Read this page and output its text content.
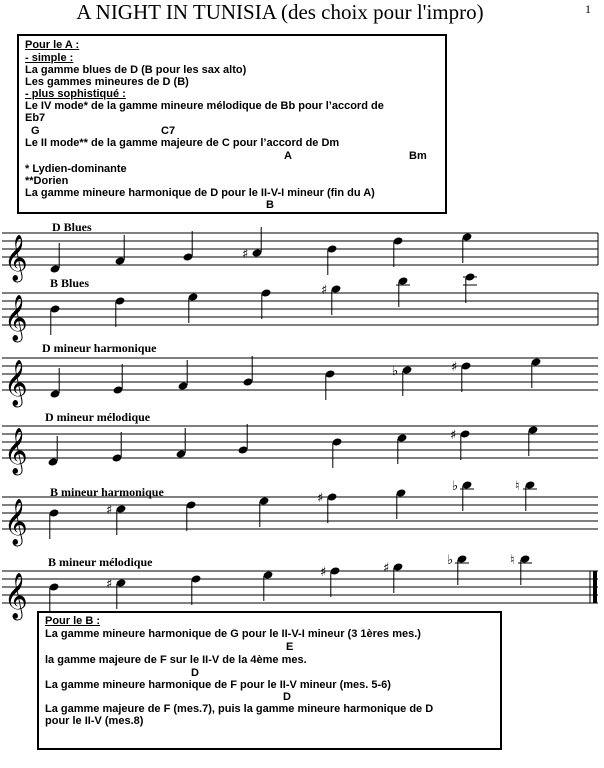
A NIGHT IN TUNISIA (des choix pour l'impro)	1
Pour le A :
- simple :
La gamme blues de D (B pour les sax alto)
Les gammes mineures de D (B)
- plus sophistiqué :
Le IV mode* de la gamme mineure mélodique de Bb pour l’accord de
Eb7
G	C7
Le II mode** de la gamme majeure de C pour l’accord de Dm
A	Bm
* Lydien-dominante
**Dorien
La gamme mineure harmonique de D pour le II-V-I mineur (fin du A)
B
D Blues
𝄞	♯
B Blues
𝄞
♯
D mineur harmonique
𝄞	♭	♯
D mineur mélodique
𝄞	♯
B mineur harmonique
𝄞	♯
♯
♭	♮
B mineur mélodique
𝄞	♯
♯	♯
♭	♮
Pour le B :
La gamme mineure harmonique de G pour le II-V-I mineur (3 1ères mes.)
E
la gamme majeure de F sur le II-V de la 4ème mes.
D
La gamme mineure harmonique de F pour le II-V mineur (mes. 5-6)
D
La gamme majeure de F (mes.7), puis la gamme mineure harmonique de D
pour le II-V (mes.8)
